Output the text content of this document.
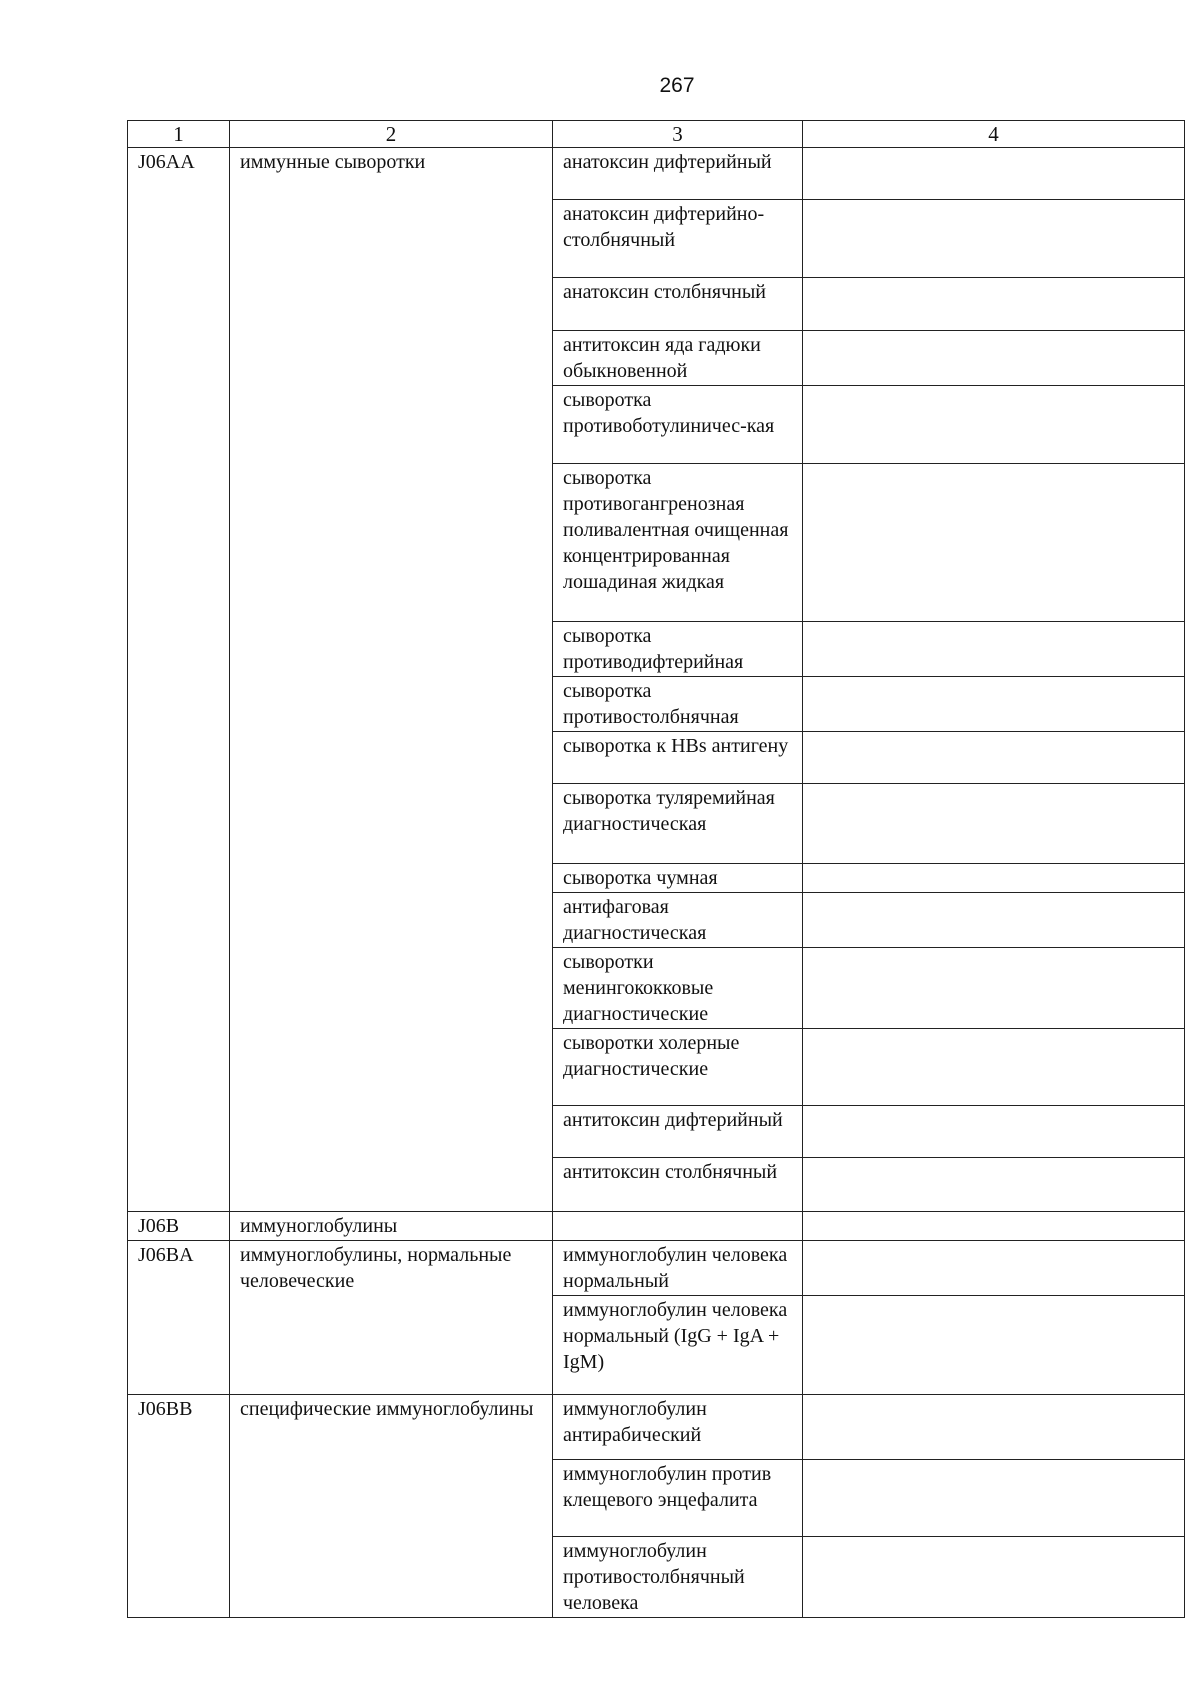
267
1	2	3	4
J06AA	иммунные сыворотки	анатоксин дифтерийный	
		анатоксин дифтерийно-столбнячный	
		анатоксин столбнячный	
		антитоксин яда гадюки обыкновенной	
		сыворотка противоботулиничес-кая	
		сыворотка противогангренозная поливалентная очищенная концентрированная лошадиная жидкая	
		сыворотка противодифтерийная	
		сыворотка противостолбнячная	
		сыворотка к HBs антигену	
		сыворотка туляремийная диагностическая	
		сыворотка чумная	
		антифаговая диагностическая	
		сыворотки менингококковые диагностические	
		сыворотки холерные диагностические	
		антитоксин дифтерийный	
		антитоксин столбнячный	
J06B	иммуноглобулины		
J06BA	иммуноглобулины, нормальные человеческие	иммуноглобулин человека нормальный	
		иммуноглобулин человека нормальный (IgG + IgA + IgM)	
J06BB	специфические иммуноглобулины	иммуноглобулин антирабический	
		иммуноглобулин против клещевого энцефалита	
		иммуноглобулин противостолбнячный человека	
